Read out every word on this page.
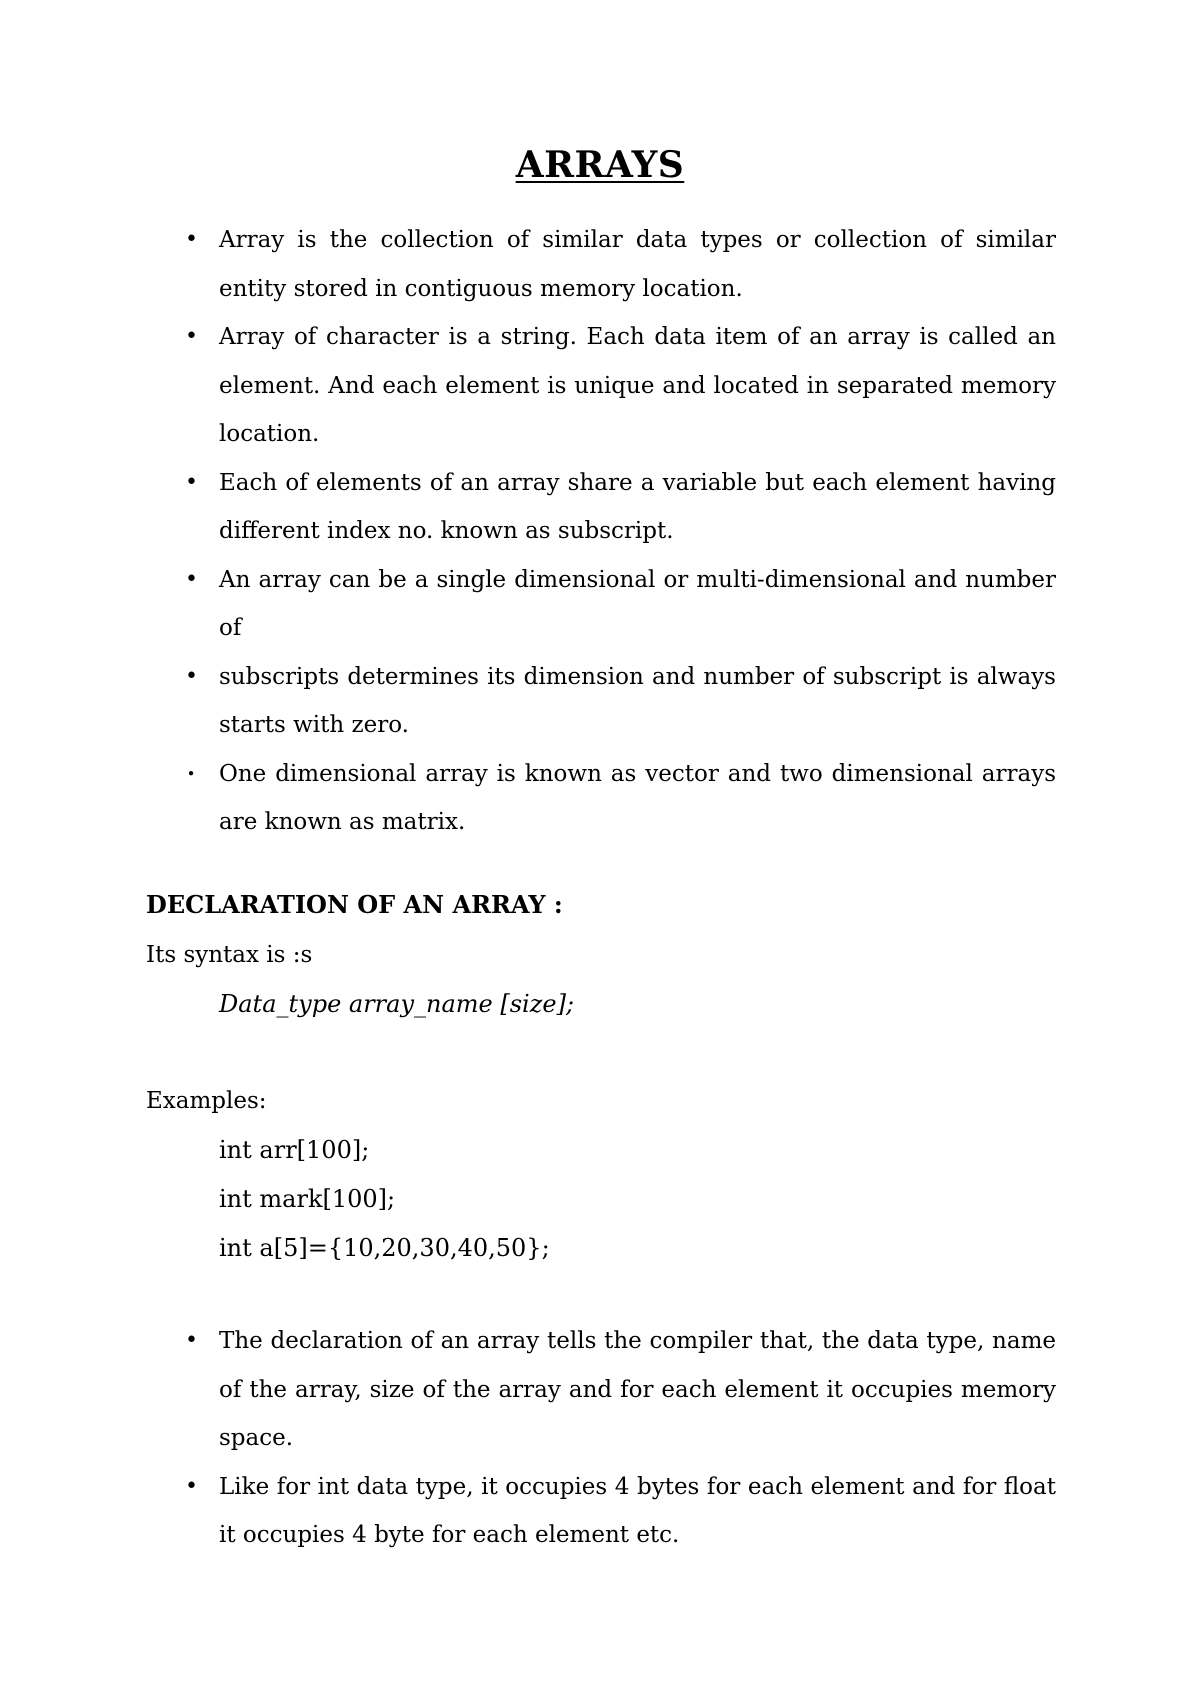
ARRAYS
• Array is the collection of similar data types or collection of similar entity stored in contiguous memory location.
• Array of character is a string. Each data item of an array is called an element. And each element is unique and located in separated memory location.
• Each of elements of an array share a variable but each element having different index no. known as subscript.
• An array can be a single dimensional or multi-dimensional and number of
• subscripts determines its dimension and number of subscript is always starts with zero.
• One dimensional array is known as vector and two dimensional arrays are known as matrix.
DECLARATION OF AN ARRAY :
Its syntax is :s
Data_type array_name [size];
Examples:
int arr[100];
int mark[100];
int a[5]={10,20,30,40,50};
• The declaration of an array tells the compiler that, the data type, name of the array, size of the array and for each element it occupies memory space.
• Like for int data type, it occupies 4 bytes for each element and for float it occupies 4 byte for each element etc.
